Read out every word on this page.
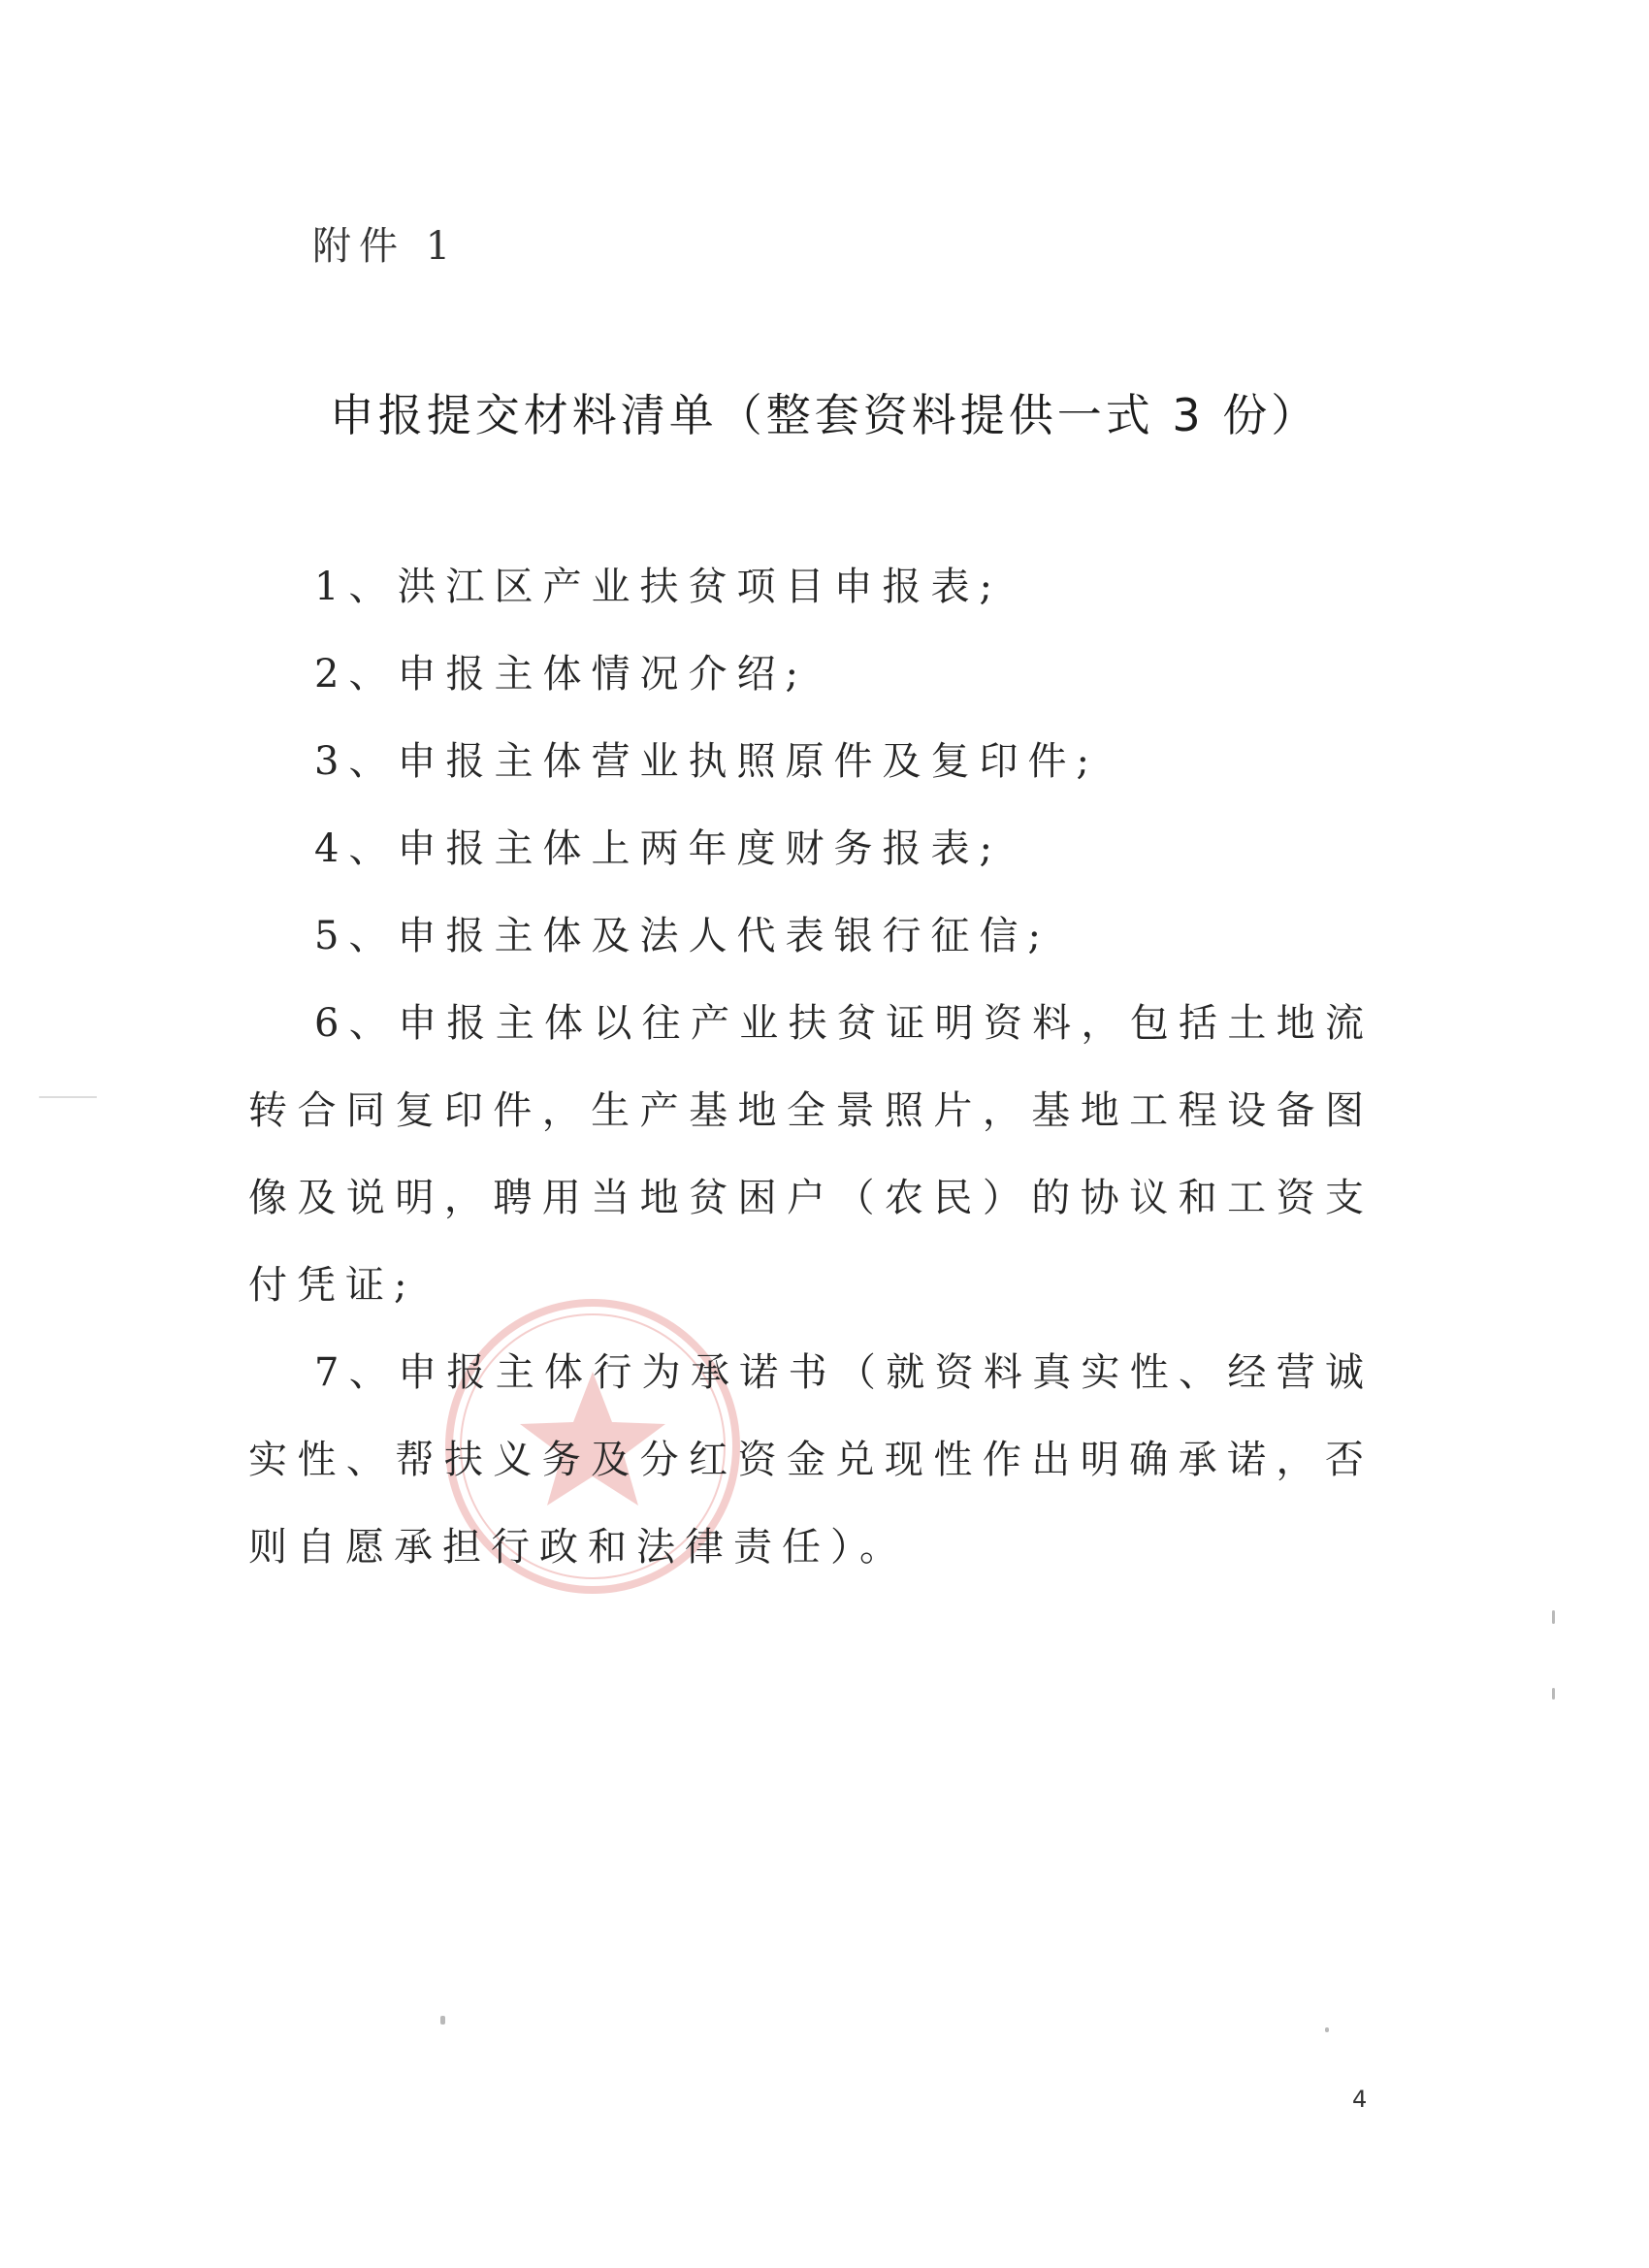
附件 1
申报提交材料清单（整套资料提供一式 3 份）

1、洪江区产业扶贫项目申报表;

2、申报主体情况介绍;

3、申报主体营业执照原件及复印件;

4、申报主体上两年度财务报表;

5、申报主体及法人代表银行征信;

6、申报主体以往产业扶贫证明资料，包括土地流转合同复印件，生产基地全景照片，基地工程设备图像及说明，聘用当地贫困户（农民）的协议和工资支付凭证;

7、申报主体行为承诺书（就资料真实性、经营诚实性、帮扶义务及分红资金兑现性作出明确承诺，否则自愿承担行政和法律责任）。

4
